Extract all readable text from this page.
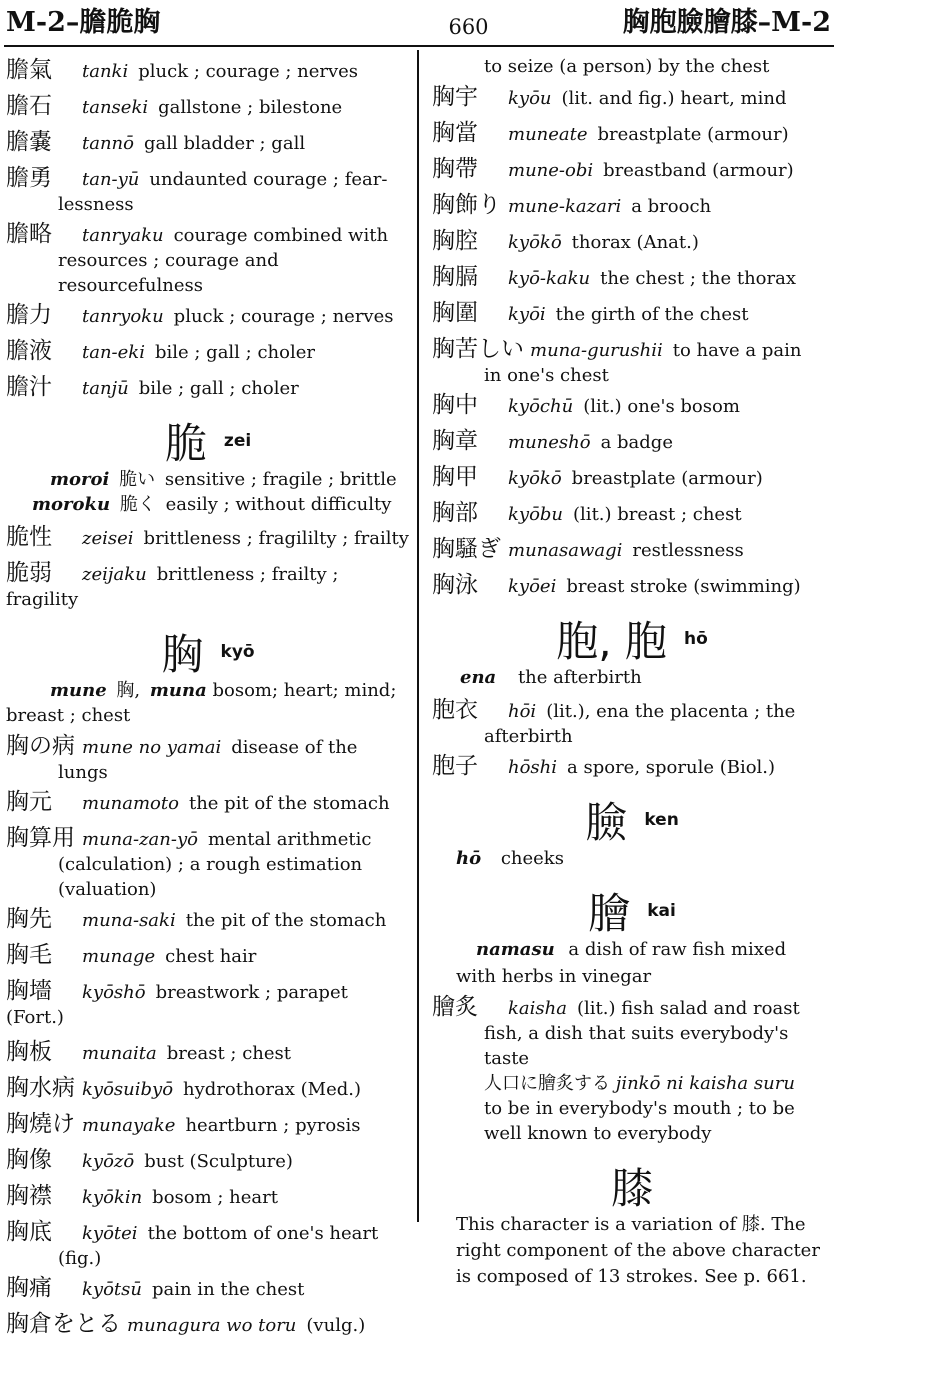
M-2–膽脆胸	660	胸胞臉膾膝–M-2
膽氣 tanki pluck ; courage ; nerves
膽石 tanseki gallstone ; bilestone
膽嚢 tannō gall bladder ; gall
膽勇 tan-yū undaunted courage ; fear-
lessness
膽略 tanryaku courage combined with
resources ; courage and resourcefulness
膽力 tanryoku pluck ; courage ; nerves
膽液 tan-eki bile ; gall ; choler
膽汁 tanjū bile ; gall ; choler
脆 zei
moroi 脆い sensitive ; fragile ; brittle
moroku 脆く easily ; without difficulty
脆性 zeisei brittleness ; fragililty ; frailty
脆弱 zeijaku brittleness ; frailty ; fragility
胸 kyō
mune 胸, muna bosom; heart; mind;
breast ; chest
胸の病 mune no yamai disease of the
lungs
胸元 munamoto the pit of the stomach
胸算用 muna-zan-yō mental arithmetic
(calculation) ; a rough estimation (valuation)
胸先 muna-saki the pit of the stomach
胸毛 munage chest hair
胸墻 kyōshō breastwork ; parapet (Fort.)
胸板 munaita breast ; chest
胸水病 kyōsuibyō hydrothorax (Med.)
胸燒け munayake heartburn ; pyrosis
胸像 kyōzō bust (Sculpture)
胸襟 kyōkin bosom ; heart
胸底 kyōtei the bottom of one's heart
(fig.)
胸痛 kyōtsū pain in the chest
胸倉をとる munagura wo toru (vulg.)
to seize (a person) by the chest
胸宇 kyōu (lit. and fig.) heart, mind
胸當 muneate breastplate (armour)
胸帶 mune-obi breastband (armour)
胸飾り mune-kazari a brooch
胸腔 kyōkō thorax (Anat.)
胸膈 kyō-kaku the chest ; the thorax
胸圍 kyōi the girth of the chest
胸苦しい muna-gurushii to have a pain
in one's chest
胸中 kyōchū (lit.) one's bosom
胸章 muneshō a badge
胸甲 kyōkō breastplate (armour)
胸部 kyōbu (lit.) breast ; chest
胸騷ぎ munasawagi restlessness
胸泳 kyōei breast stroke (swimming)
胞, 胞 hō
ena the afterbirth
胞衣 hōi (lit.), ena the placenta ; the
afterbirth
胞子 hōshi a spore, sporule (Biol.)
臉 ken
hō cheeks
膾 kai
namasu a dish of raw fish mixed
with herbs in vinegar
膾炙 kaisha (lit.) fish salad and roast
fish, a dish that suits everybody's taste
人口に膾炙する jinkō ni kaisha suru
to be in everybody's mouth ; to be
well known to everybody
膝
This character is a variation of 膝. The right component of the above character is composed of 13 strokes. See p. 661.
